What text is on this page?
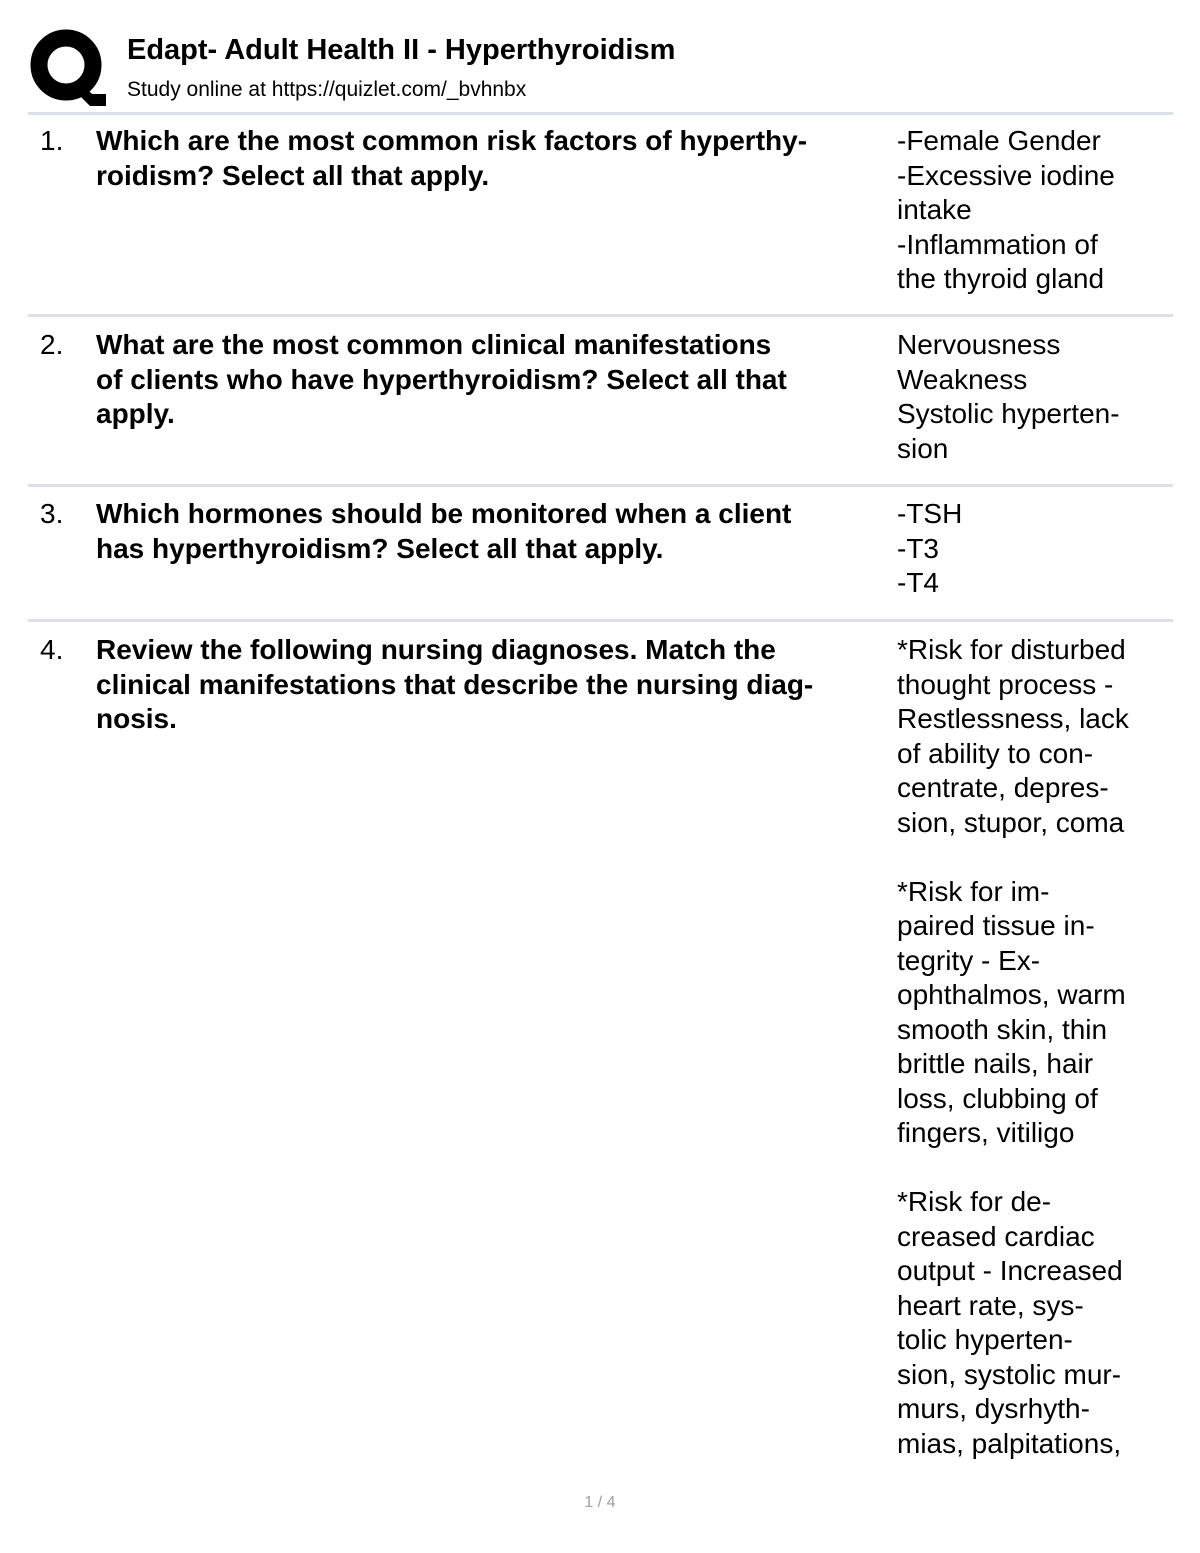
Edapt- Adult Health II - Hyperthyroidism
Study online at https://quizlet.com/_bvhnbx
1. Which are the most common risk factors of hyperthy-
roidism? Select all that apply.
-Female Gender
-Excessive iodine
intake
-Inflammation of
the thyroid gland
2. What are the most common clinical manifestations
of clients who have hyperthyroidism? Select all that
apply.
Nervousness
Weakness
Systolic hyperten-
sion
3. Which hormones should be monitored when a client
has hyperthyroidism? Select all that apply.
-TSH
-T3
-T4
4. Review the following nursing diagnoses. Match the
clinical manifestations that describe the nursing diag-
nosis.
*Risk for disturbed
thought process -
Restlessness, lack
of ability to con-
centrate, depres-
sion, stupor, coma
*Risk for im-
paired tissue in-
tegrity - Ex-
ophthalmos, warm
smooth skin, thin
brittle nails, hair
loss, clubbing of
fingers, vitiligo
*Risk for de-
creased cardiac
output - Increased
heart rate, sys-
tolic hyperten-
sion, systolic mur-
murs, dysrhyth-
mias, palpitations,
1 / 4
